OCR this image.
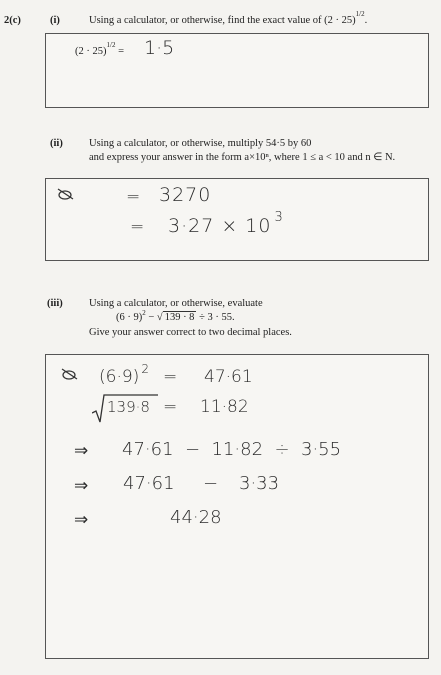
2(c)	(i)	Using a calculator, or otherwise, find the exact value of $(2 \cdot 25)^{1/2}$.
$(2 \cdot 25)^{1/2} = 1\cdot 5$
(ii) Using a calculator, or otherwise, multiply 54·5 by 60
and express your answer in the form a×10ⁿ, where 1 ≤ a < 10 and n ∈ N.
= 3270
= 3·27 × 10 $^3$
(iii)	Using a calculator, or otherwise, evaluate
$(6 \cdot 9)^2$ − √ 139 · 8 ÷ 3 · 55.
Give your answer correct to two decimal places.
(6·9) $^2$ = 47·61
139·8 = 11·82
⇒ 47·61  −  11·82  ÷  3·55
⇒ 47·61 − 3·33
⇒	44·28
